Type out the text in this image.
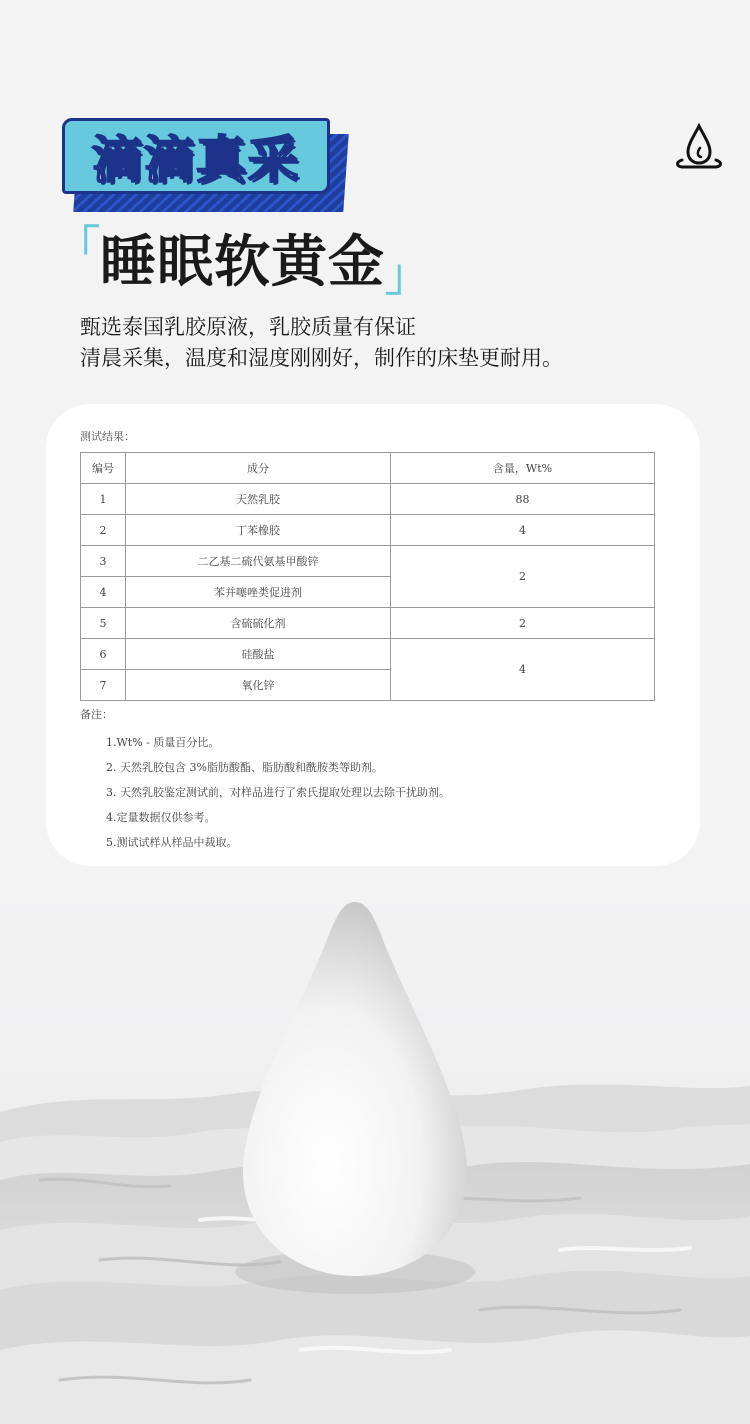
滴滴真采
「 睡眠软黄金 」
甄选泰国乳胶原液，乳胶质量有保证
清晨采集，温度和湿度刚刚好，制作的床垫更耐用。
测试结果：
编号	成分	含量，Wt%
1	天然乳胶	88
2	丁苯橡胶	4
3	二乙基二硫代氨基甲酸锌	2
4	苯并噻唑类促进剂	
5	含硫硫化剂	2
6	硅酸盐	4
7	氧化锌	
备注：
1.Wt% - 质量百分比。
2. 天然乳胶包含 3%脂肪酸酯、脂肪酸和酰胺类等助剂。
3. 天然乳胶鉴定测试前，对样品进行了索氏提取处理以去除干扰助剂。
4.定量数据仅供参考。
5.测试试样从样品中裁取。
